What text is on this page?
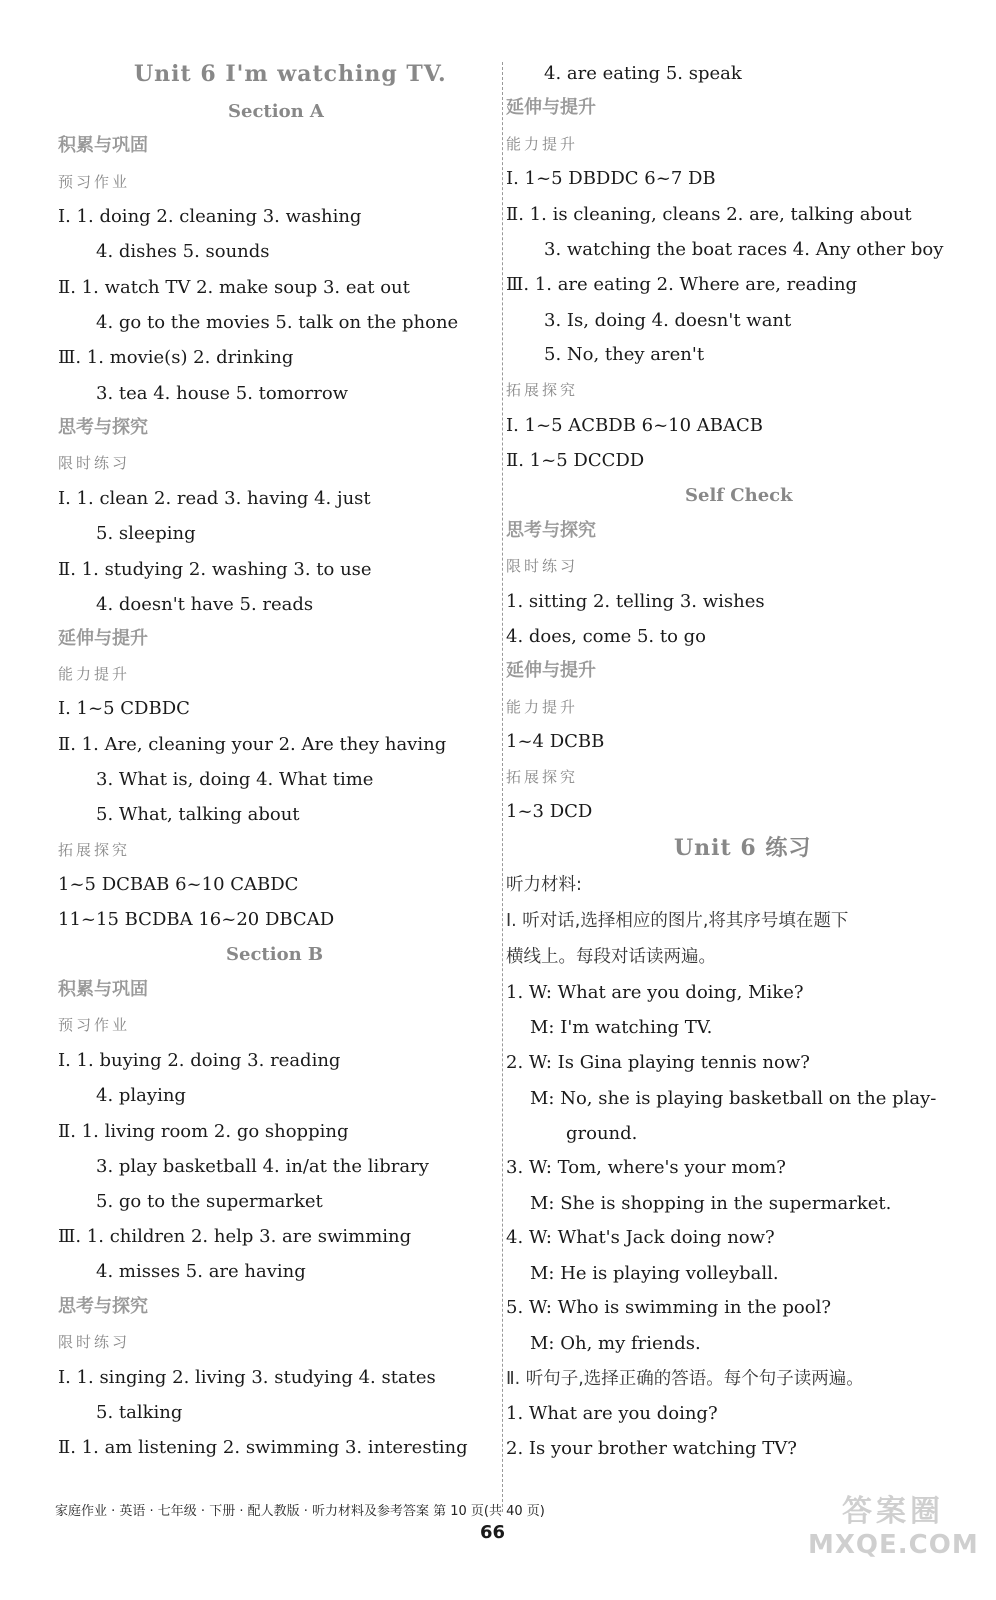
Unit 6 I'm watching TV.
Section A
积累与巩固
预习作业
Ⅰ. 1. doing 2. cleaning 3. washing
4. dishes 5. sounds
Ⅱ. 1. watch TV 2. make soup 3. eat out
4. go to the movies 5. talk on the phone
Ⅲ. 1. movie(s) 2. drinking
3. tea 4. house 5. tomorrow
思考与探究
限时练习
Ⅰ. 1. clean 2. read 3. having 4. just
5. sleeping
Ⅱ. 1. studying 2. washing 3. to use
4. doesn't have 5. reads
延伸与提升
能力提升
Ⅰ. 1~5 CDBDC
Ⅱ. 1. Are, cleaning your 2. Are they having
3. What is, doing 4. What time
5. What, talking about
拓展探究
1~5 DCBAB 6~10 CABDC
11~15 BCDBA 16~20 DBCAD
Section B
积累与巩固
预习作业
Ⅰ. 1. buying 2. doing 3. reading
4. playing
Ⅱ. 1. living room 2. go shopping
3. play basketball 4. in/at the library
5. go to the supermarket
Ⅲ. 1. children 2. help 3. are swimming
4. misses 5. are having
思考与探究
限时练习
Ⅰ. 1. singing 2. living 3. studying 4. states
5. talking
Ⅱ. 1. am listening 2. swimming 3. interesting
4. are eating 5. speak
延伸与提升
能力提升
Ⅰ. 1~5 DBDDC 6~7 DB
Ⅱ. 1. is cleaning, cleans 2. are, talking about
3. watching the boat races 4. Any other boy
Ⅲ. 1. are eating 2. Where are, reading
3. Is, doing 4. doesn't want
5. No, they aren't
拓展探究
Ⅰ. 1~5 ACBDB 6~10 ABACB
Ⅱ. 1~5 DCCDD
Self Check
思考与探究
限时练习
1. sitting 2. telling 3. wishes
4. does, come 5. to go
延伸与提升
能力提升
1~4 DCBB
拓展探究
1~3 DCD
Unit 6 练习
听力材料:
Ⅰ. 听对话,选择相应的图片,将其序号填在题下
横线上。每段对话读两遍。
1. W: What are you doing, Mike?
M: I'm watching TV.
2. W: Is Gina playing tennis now?
M: No, she is playing basketball on the play-
ground.
3. W: Tom, where's your mom?
M: She is shopping in the supermarket.
4. W: What's Jack doing now?
M: He is playing volleyball.
5. W: Who is swimming in the pool?
M: Oh, my friends.
Ⅱ. 听句子,选择正确的答语。每个句子读两遍。
1. What are you doing?
2. Is your brother watching TV?
家庭作业 · 英语 · 七年级 · 下册 · 配人教版 · 听力材料及参考答案 第 10 页(共 40 页)
66
答案圈
MXQE.COM
